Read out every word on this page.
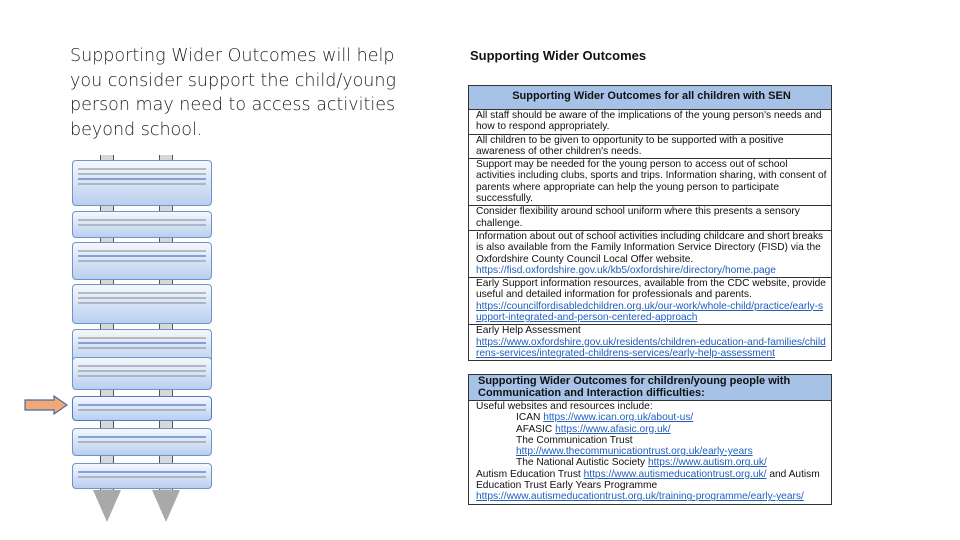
Supporting Wider Outcomes will help you consider support the child/young person may need to access activities beyond school.
Supporting Wider Outcomes
Supporting Wider Outcomes for all children with SEN
All staff should be aware of the implications of the young person's needs and how to respond appropriately.
All children to be given to opportunity to be supported with a positive awareness of other children's needs.
Support may be needed for the young person to access out of school activities including clubs, sports and trips. Information sharing, with consent of parents where appropriate can help the young person to participate successfully.
Consider flexibility around school uniform where this presents a sensory challenge.
Information about out of school activities including childcare and short breaks is also available from the Family Information Service Directory (FISD) via the Oxfordshire County Council Local Offer website.
https://fisd.oxfordshire.gov.uk/kb5/oxfordshire/directory/home.page
Early Support information resources, available from the CDC website, provide useful and detailed information for professionals and parents.
https://councilfordisabledchildren.org.uk/our-work/whole-child/practice/early-support-integrated-and-person-centered-approach
Early Help Assessment
https://www.oxfordshire.gov.uk/residents/children-education-and-families/childrens-services/integrated-childrens-services/early-help-assessment
Supporting Wider Outcomes for children/young people with Communication and Interaction difficulties:
Useful websites and resources include:
ICAN https://www.ican.org.uk/about-us/
AFASIC https://www.afasic.org.uk/
The Communication Trust
http://www.thecommunicationtrust.org.uk/early-years
The National Autistic Society https://www.autism.org.uk/
Autism Education Trust https://www.autismeducationtrust.org.uk/ and Autism Education Trust Early Years Programme
https://www.autismeducationtrust.org.uk/training-programme/early-years/
